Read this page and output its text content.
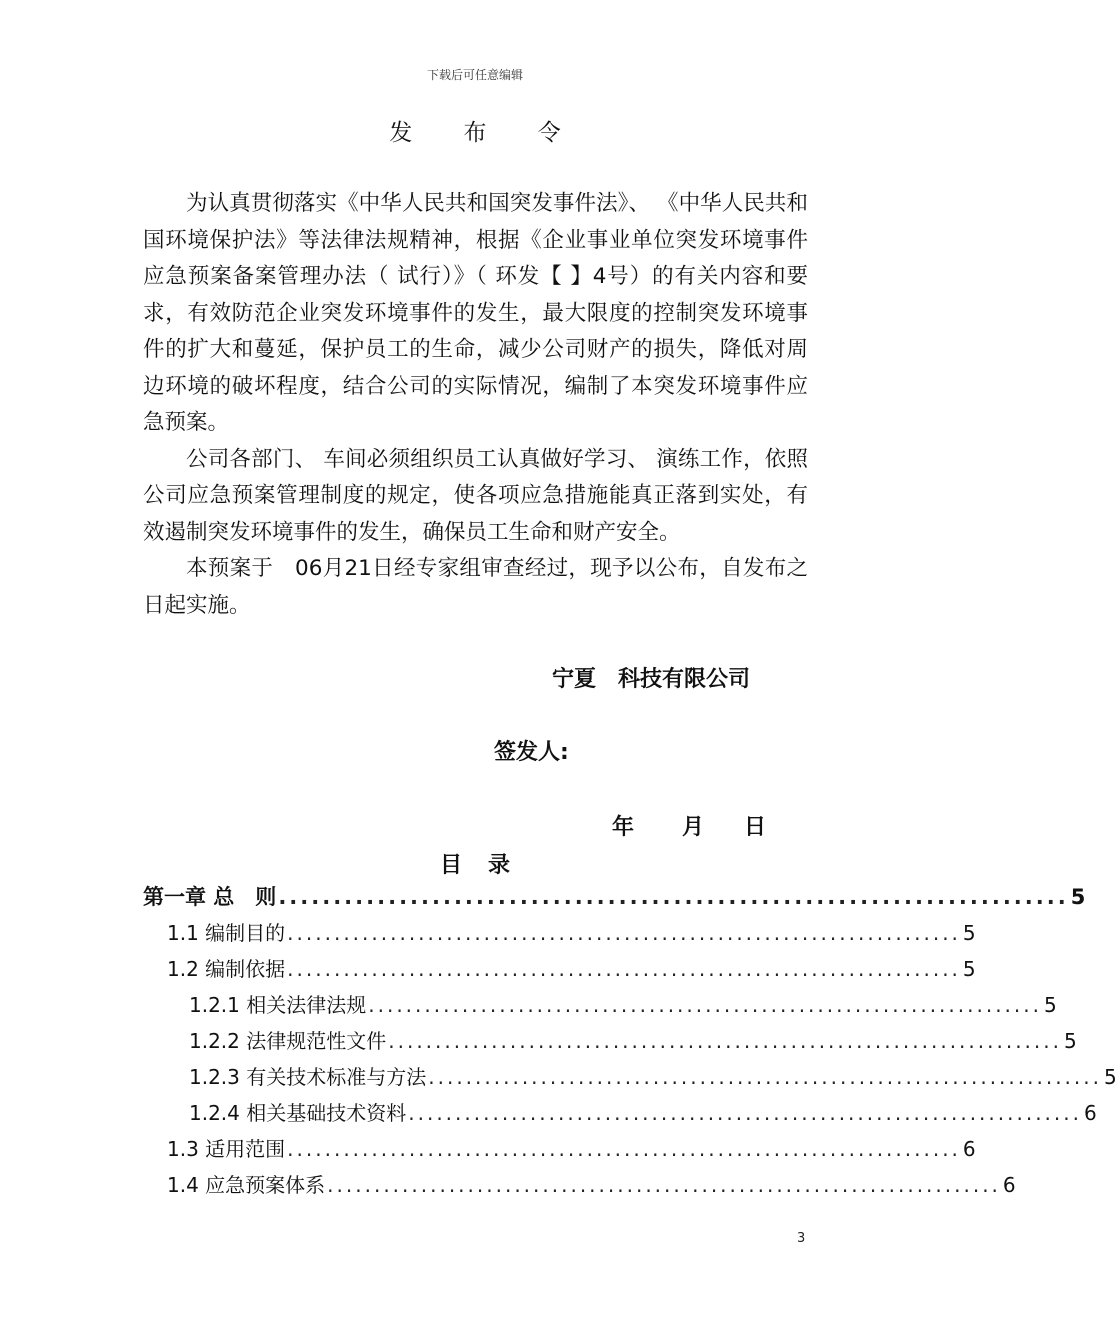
下载后可任意编辑
发 布 令

为认真贯彻落实《中华人民共和国突发事件法》、 《中华人民共和国环境保护法》等法律法规精神，根据《企业事业单位突发环境事件应急预案备案管理办法（ 试行）》（ 环发【 】4号）的有关内容和要求，有效防范企业突发环境事件的发生，最大限度的控制突发环境事件的扩大和蔓延，保护员工的生命，减少公司财产的损失，降低对周边环境的破坏程度，结合公司的实际情况，编制了本突发环境事件应急预案。

公司各部门、 车间必须组织员工认真做好学习、 演练工作，依照公司应急预案管理制度的规定，使各项应急措施能真正落到实处，有效遏制突发环境事件的发生，确保员工生命和财产安全。

本预案于　06月21日经专家组审查经过，现予以公布，自发布之日起实施。

宁夏　科技有限公司
签发人:
年 月 日
目录
第一章 总　则 ........................................................................ 5
1.1 编制目的 ........................................................................ 5
1.2 编制依据 ........................................................................ 5
1.2.1 相关法律法规 ........................................................................ 5
1.2.2 法律规范性文件 ........................................................................ 5
1.2.3 有关技术标准与方法 ........................................................................ 5
1.2.4 相关基础技术资料 ........................................................................ 6
1.3 适用范围 ........................................................................ 6
1.4 应急预案体系 ........................................................................ 6
3
